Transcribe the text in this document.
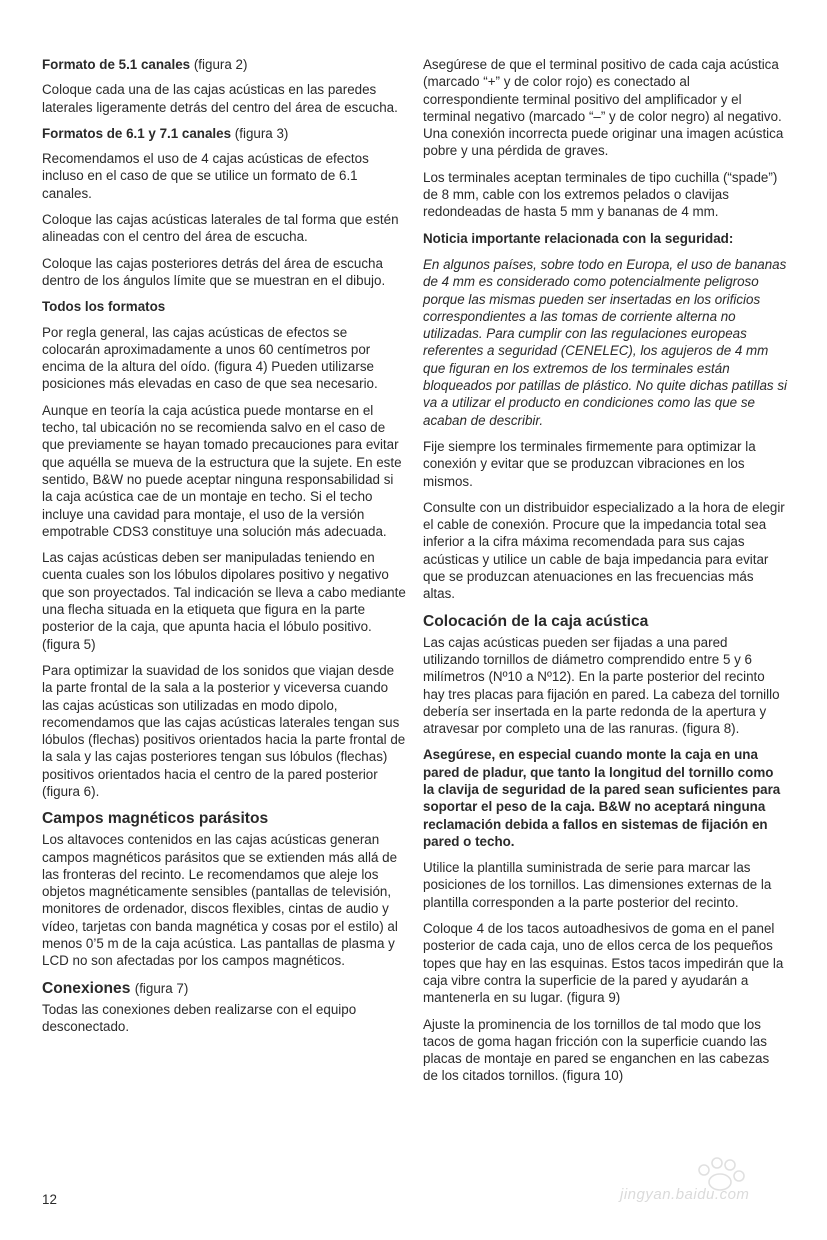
Formato de 5.1 canales (figura 2)

Coloque cada una de las cajas acústicas en las paredes laterales ligeramente detrás del centro del área de escucha.

Formatos de 6.1 y 7.1 canales (figura 3)

Recomendamos el uso de 4 cajas acústicas de efectos incluso en el caso de que se utilice un formato de 6.1 canales.

Coloque las cajas acústicas laterales de tal forma que estén alineadas con el centro del área de escucha.

Coloque las cajas posteriores detrás del área de escucha dentro de los ángulos límite que se muestran en el dibujo.

Todos los formatos

Por regla general, las cajas acústicas de efectos se colocarán aproximadamente a unos 60 centímetros por encima de la altura del oído. (figura 4) Pueden utilizarse posiciones más elevadas en caso de que sea necesario.

Aunque en teoría la caja acústica puede montarse en el techo, tal ubicación no se recomienda salvo en el caso de que previamente se hayan tomado precauciones para evitar que aquélla se mueva de la estructura que la sujete. En este sentido, B&W no puede aceptar ninguna responsabilidad si la caja acústica cae de un montaje en techo. Si el techo incluye una cavidad para montaje, el uso de la versión empotrable CDS3 constituye una solución más adecuada.

Las cajas acústicas deben ser manipuladas teniendo en cuenta cuales son los lóbulos dipolares positivo y negativo que son proyectados. Tal indicación se lleva a cabo mediante una flecha situada en la etiqueta que figura en la parte posterior de la caja, que apunta hacia el lóbulo positivo. (figura 5)

Para optimizar la suavidad de los sonidos que viajan desde la parte frontal de la sala a la posterior y viceversa cuando las cajas acústicas son utilizadas en modo dipolo, recomendamos que las cajas acústicas laterales tengan sus lóbulos (flechas) positivos orientados hacia la parte frontal de la sala y las cajas posteriores tengan sus lóbulos (flechas) positivos orientados hacia el centro de la pared posterior (figura 6).

Campos magnéticos parásitos

Los altavoces contenidos en las cajas acústicas generan campos magnéticos parásitos que se extienden más allá de las fronteras del recinto. Le recomendamos que aleje los objetos magnéticamente sensibles (pantallas de televisión, monitores de ordenador, discos flexibles, cintas de audio y vídeo, tarjetas con banda magnética y cosas por el estilo) al menos 0’5 m de la caja acústica. Las pantallas de plasma y LCD no son afectadas por los campos magnéticos.

Conexiones (figura 7)

Todas las conexiones deben realizarse con el equipo desconectado.

Asegúrese de que el terminal positivo de cada caja acústica (marcado “+” y de color rojo) es conectado al correspondiente terminal positivo del amplificador y el terminal negativo (marcado “–” y de color negro) al negativo. Una conexión incorrecta puede originar una imagen acústica pobre y una pérdida de graves.

Los terminales aceptan terminales de tipo cuchilla (“spade”) de 8 mm, cable con los extremos pelados o clavijas redondeadas de hasta 5 mm y bananas de 4 mm.

Noticia importante relacionada con la seguridad:

En algunos países, sobre todo en Europa, el uso de bananas de 4 mm es considerado como potencialmente peligroso porque las mismas pueden ser insertadas en los orificios correspondientes a las tomas de corriente alterna no utilizadas. Para cumplir con las regulaciones europeas referentes a seguridad (CENELEC), los agujeros de 4 mm que figuran en los extremos de los terminales están bloqueados por patillas de plástico. No quite dichas patillas si va a utilizar el producto en condiciones como las que se acaban de describir.

Fije siempre los terminales firmemente para optimizar la conexión y evitar que se produzcan vibraciones en los mismos.

Consulte con un distribuidor especializado a la hora de elegir el cable de conexión. Procure que la impedancia total sea inferior a la cifra máxima recomendada para sus cajas acústicas y utilice un cable de baja impedancia para evitar que se produzcan atenuaciones en las frecuencias más altas.

Colocación de la caja acústica

Las cajas acústicas pueden ser fijadas a una pared utilizando tornillos de diámetro comprendido entre 5 y 6 milímetros (Nº10 a Nº12). En la parte posterior del recinto hay tres placas para fijación en pared. La cabeza del tornillo debería ser insertada en la parte redonda de la apertura y atravesar por completo una de las ranuras. (figura 8).

Asegúrese, en especial cuando monte la caja en una pared de pladur, que tanto la longitud del tornillo como la clavija de seguridad de la pared sean suficientes para soportar el peso de la caja. B&W no aceptará ninguna reclamación debida a fallos en sistemas de fijación en pared o techo.

Utilice la plantilla suministrada de serie para marcar las posiciones de los tornillos. Las dimensiones externas de la plantilla corresponden a la parte posterior del recinto.

Coloque 4 de los tacos autoadhesivos de goma en el panel posterior de cada caja, uno de ellos cerca de los pequeños topes que hay en las esquinas. Estos tacos impedirán que la caja vibre contra la superficie de la pared y ayudarán a mantenerla en su lugar. (figura 9)

Ajuste la prominencia de los tornillos de tal modo que los tacos de goma hagan fricción con la superficie cuando las placas de montaje en pared se enganchen en las cabezas de los citados tornillos. (figura 10)

12	jingyan.baidu.com
